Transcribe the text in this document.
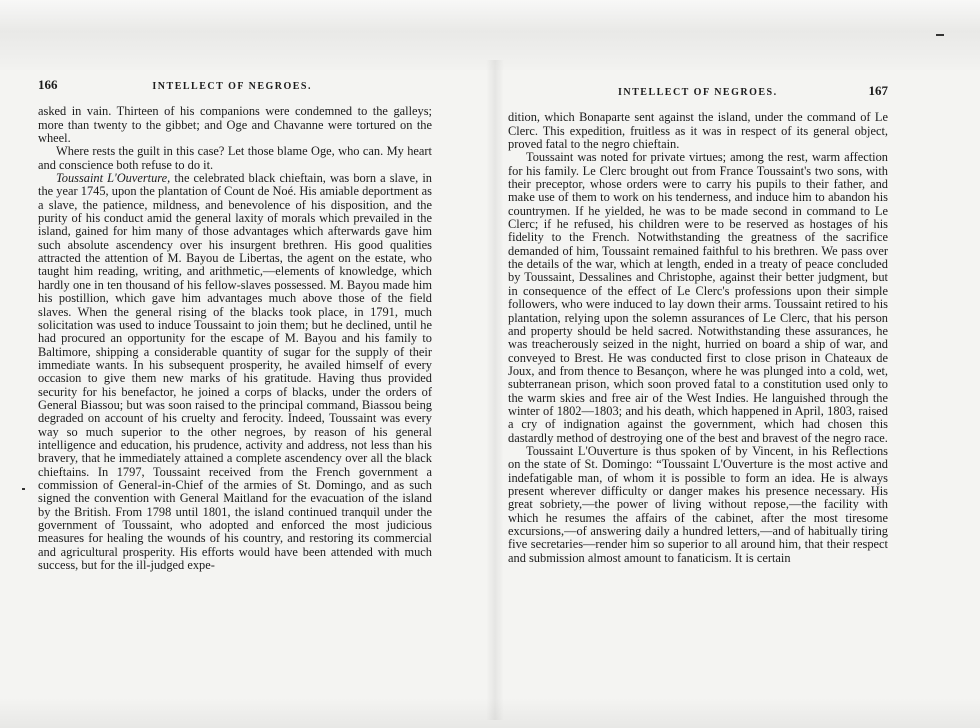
166	INTELLECT OF NEGROES.

asked in vain. Thirteen of his companions were condemned to the galleys; more than twenty to the gibbet; and Oge and Chavanne were tortured on the wheel.

Where rests the guilt in this case? Let those blame Oge, who can. My heart and conscience both refuse to do it.

Toussaint L'Ouverture, the celebrated black chieftain, was born a slave, in the year 1745, upon the plantation of Count de Noé. His amiable deportment as a slave, the patience, mildness, and benevolence of his disposition, and the purity of his conduct amid the general laxity of morals which prevailed in the island, gained for him many of those advantages which afterwards gave him such absolute ascendency over his insurgent brethren. His good qualities attracted the attention of M. Bayou de Libertas, the agent on the estate, who taught him reading, writing, and arithmetic,—elements of knowledge, which hardly one in ten thousand of his fellow-slaves possessed. M. Bayou made him his postillion, which gave him advantages much above those of the field slaves. When the general rising of the blacks took place, in 1791, much solicitation was used to induce Toussaint to join them; but he declined, until he had procured an opportunity for the escape of M. Bayou and his family to Baltimore, shipping a considerable quantity of sugar for the supply of their immediate wants. In his subsequent prosperity, he availed himself of every occasion to give them new marks of his gratitude. Having thus provided security for his benefactor, he joined a corps of blacks, under the orders of General Biassou; but was soon raised to the principal command, Biassou being degraded on account of his cruelty and ferocity. Indeed, Toussaint was every way so much superior to the other negroes, by reason of his general intelligence and education, his prudence, activity and address, not less than his bravery, that he immediately attained a complete ascendency over all the black chieftains. In 1797, Toussaint received from the French government a commission of General-in-Chief of the armies of St. Domingo, and as such signed the convention with General Maitland for the evacuation of the island by the British. From 1798 until 1801, the island continued tranquil under the government of Toussaint, who adopted and enforced the most judicious measures for healing the wounds of his country, and restoring its commercial and agricultural prosperity. His efforts would have been attended with much success, but for the ill-judged expe-

INTELLECT OF NEGROES.	167

dition, which Bonaparte sent against the island, under the command of Le Clerc. This expedition, fruitless as it was in respect of its general object, proved fatal to the negro chieftain.

Toussaint was noted for private virtues; among the rest, warm affection for his family. Le Clerc brought out from France Toussaint's two sons, with their preceptor, whose orders were to carry his pupils to their father, and make use of them to work on his tenderness, and induce him to abandon his countrymen. If he yielded, he was to be made second in command to Le Clerc; if he refused, his children were to be reserved as hostages of his fidelity to the French. Notwithstanding the greatness of the sacrifice demanded of him, Toussaint remained faithful to his brethren. We pass over the details of the war, which at length, ended in a treaty of peace concluded by Toussaint, Dessalines and Christophe, against their better judgment, but in consequence of the effect of Le Clerc's professions upon their simple followers, who were induced to lay down their arms. Toussaint retired to his plantation, relying upon the solemn assurances of Le Clerc, that his person and property should be held sacred. Notwithstanding these assurances, he was treacherously seized in the night, hurried on board a ship of war, and conveyed to Brest. He was conducted first to close prison in Chateaux de Joux, and from thence to Besançon, where he was plunged into a cold, wet, subterranean prison, which soon proved fatal to a constitution used only to the warm skies and free air of the West Indies. He languished through the winter of 1802—1803; and his death, which happened in April, 1803, raised a cry of indignation against the government, which had chosen this dastardly method of destroying one of the best and bravest of the negro race.

Toussaint L'Ouverture is thus spoken of by Vincent, in his Reflections on the state of St. Domingo: “Toussaint L'Ouverture is the most active and indefatigable man, of whom it is possible to form an idea. He is always present wherever difficulty or danger makes his presence necessary. His great sobriety,—the power of living without repose,—the facility with which he resumes the affairs of the cabinet, after the most tiresome excursions,—of answering daily a hundred letters,—and of habitually tiring five secretaries—render him so superior to all around him, that their respect and submission almost amount to fanaticism. It is certain
